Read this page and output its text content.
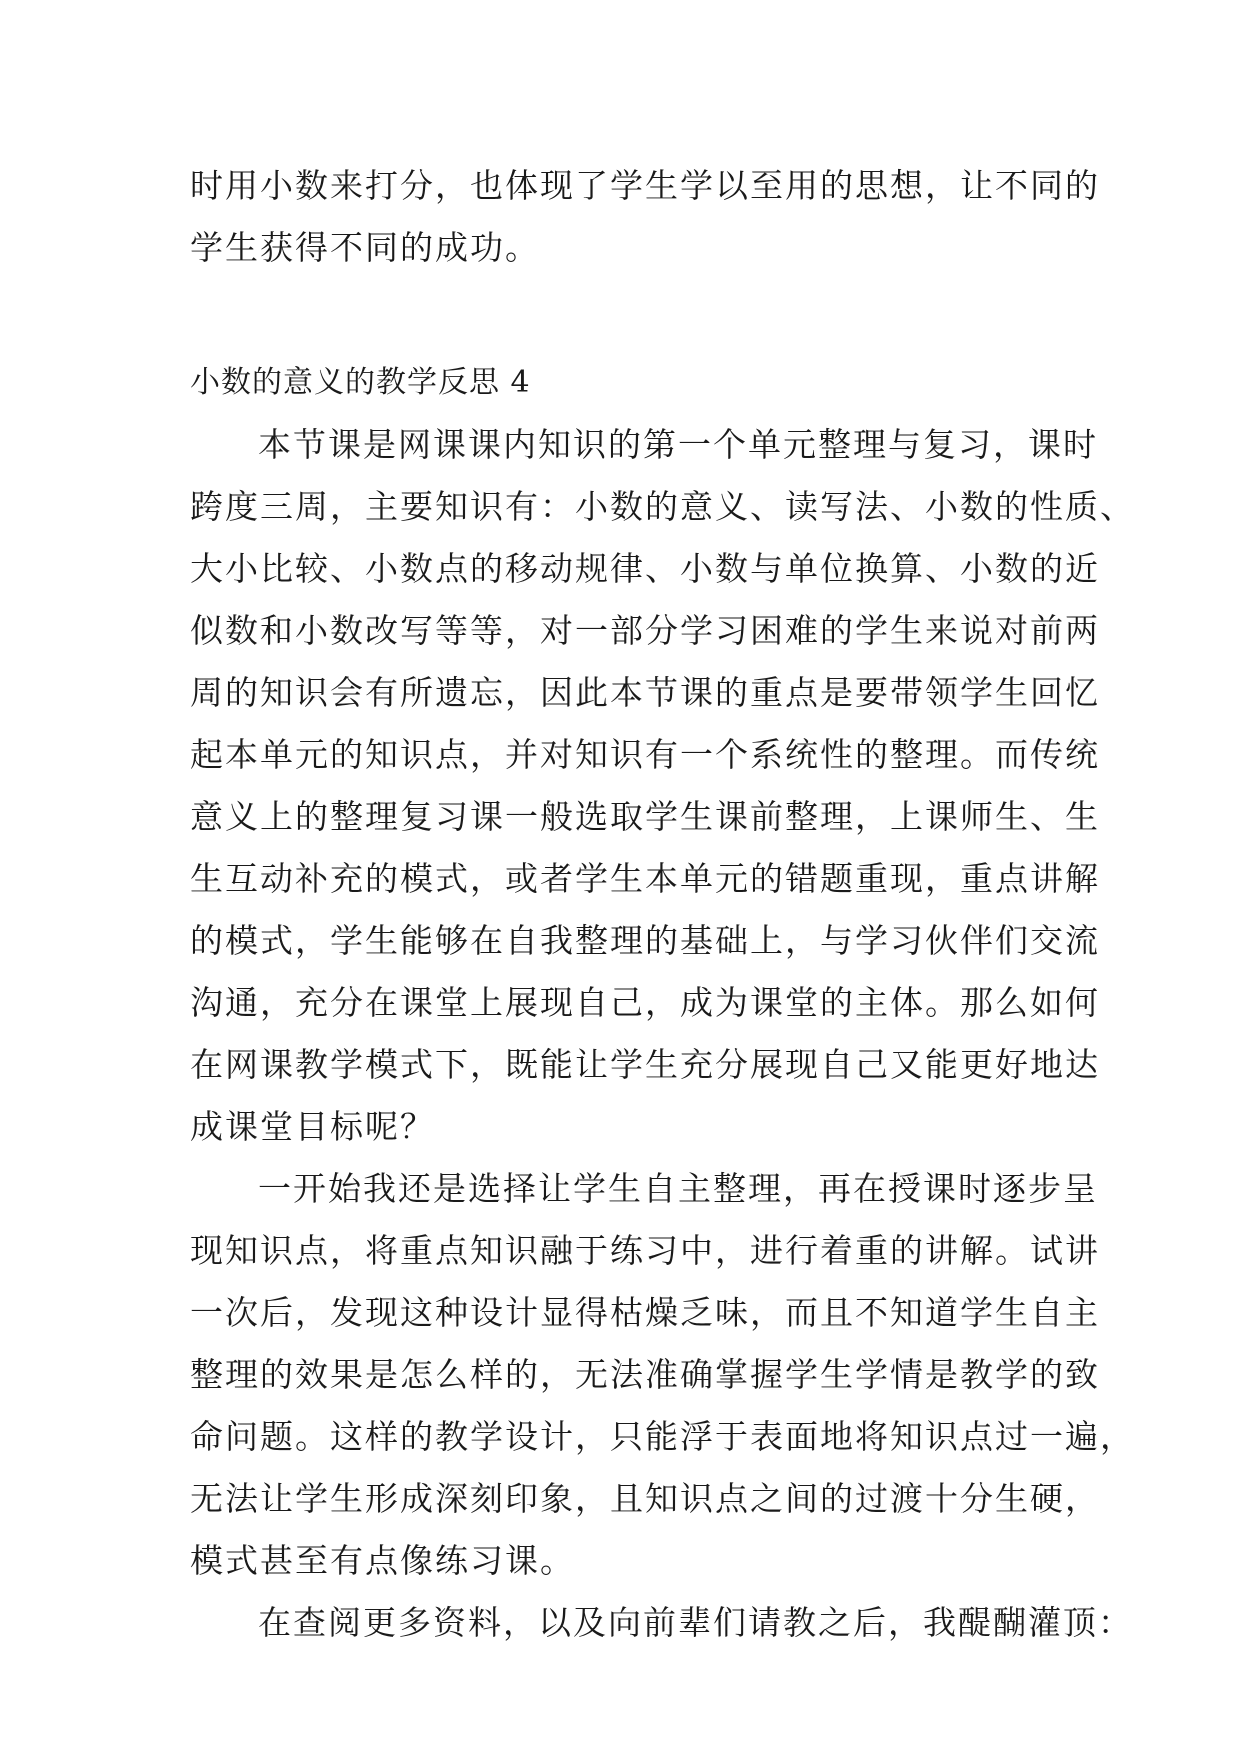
时用小数来打分，也体现了学生学以至用的思想，让不同的
学生获得不同的成功。
小数的意义的教学反思 4
本节课是网课课内知识的第一个单元整理与复习，课时
跨度三周，主要知识有：小数的意义、读写法、小数的性质、
大小比较、小数点的移动规律、小数与单位换算、小数的近
似数和小数改写等等，对一部分学习困难的学生来说对前两
周的知识会有所遗忘，因此本节课的重点是要带领学生回忆
起本单元的知识点，并对知识有一个系统性的整理。而传统
意义上的整理复习课一般选取学生课前整理，上课师生、生
生互动补充的模式，或者学生本单元的错题重现，重点讲解
的模式，学生能够在自我整理的基础上，与学习伙伴们交流
沟通，充分在课堂上展现自己，成为课堂的主体。那么如何
在网课教学模式下，既能让学生充分展现自己又能更好地达
成课堂目标呢？
一开始我还是选择让学生自主整理，再在授课时逐步呈
现知识点，将重点知识融于练习中，进行着重的讲解。试讲
一次后，发现这种设计显得枯燥乏味，而且不知道学生自主
整理的效果是怎么样的，无法准确掌握学生学情是教学的致
命问题。这样的教学设计，只能浮于表面地将知识点过一遍，
无法让学生形成深刻印象，且知识点之间的过渡十分生硬，
模式甚至有点像练习课。
在查阅更多资料，以及向前辈们请教之后，我醍醐灌顶：
